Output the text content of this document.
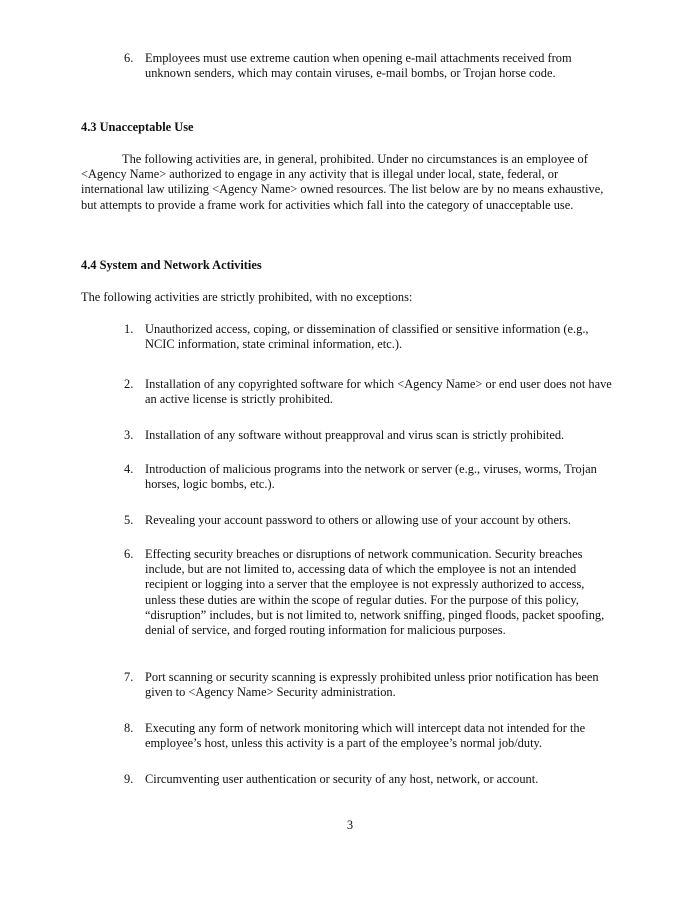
6. Employees must use extreme caution when opening e-mail attachments received from unknown senders, which may contain viruses, e-mail bombs, or Trojan horse code.
4.3 Unacceptable Use

The following activities are, in general, prohibited. Under no circumstances is an employee of <Agency Name> authorized to engage in any activity that is illegal under local, state, federal, or international law utilizing <Agency Name> owned resources. The list below are by no means exhaustive, but attempts to provide a frame work for activities which fall into the category of unacceptable use.

4.4 System and Network Activities

The following activities are strictly prohibited, with no exceptions:

1. Unauthorized access, coping, or dissemination of classified or sensitive information (e.g., NCIC information, state criminal information, etc.).
2. Installation of any copyrighted software for which <Agency Name> or end user does not have an active license is strictly prohibited.
3. Installation of any software without preapproval and virus scan is strictly prohibited.
4. Introduction of malicious programs into the network or server (e.g., viruses, worms, Trojan horses, logic bombs, etc.).
5. Revealing your account password to others or allowing use of your account by others.
6. Effecting security breaches or disruptions of network communication. Security breaches include, but are not limited to, accessing data of which the employee is not an intended recipient or logging into a server that the employee is not expressly authorized to access, unless these duties are within the scope of regular duties. For the purpose of this policy, “disruption” includes, but is not limited to, network sniffing, pinged floods, packet spoofing, denial of service, and forged routing information for malicious purposes.
7. Port scanning or security scanning is expressly prohibited unless prior notification has been given to <Agency Name> Security administration.
8. Executing any form of network monitoring which will intercept data not intended for the employee’s host, unless this activity is a part of the employee’s normal job/duty.
9. Circumventing user authentication or security of any host, network, or account.
3
